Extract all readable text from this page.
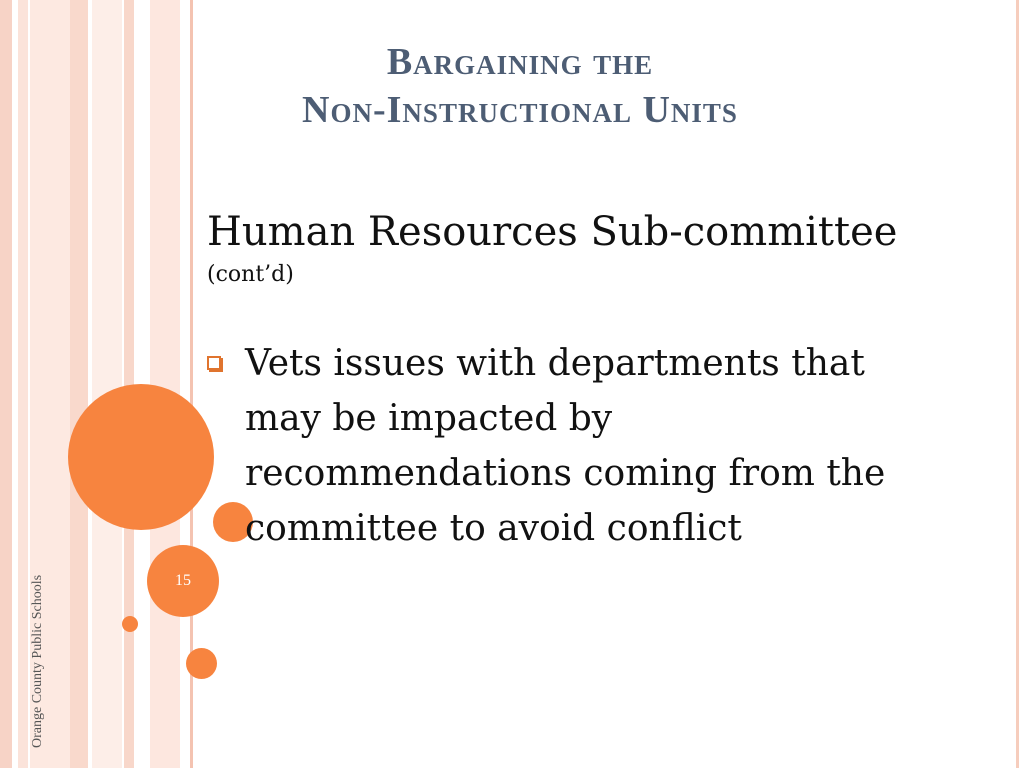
15
Orange County Public Schools
Bargaining the
Non-Instructional Units
Human Resources Sub-committee
(cont’d)
Vets issues with departments that may be impacted by recommendations coming from the committee to avoid conflict
